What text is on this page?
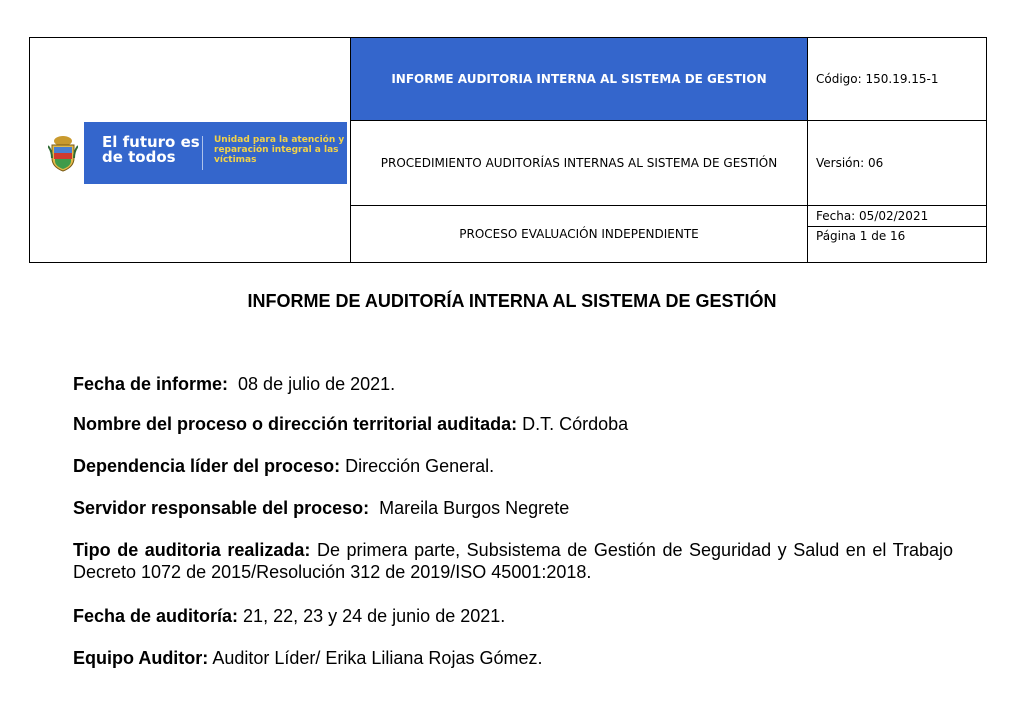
El futuro es de todos
Unidad para la atención y reparación integral a las víctimas
INFORME AUDITORIA INTERNA AL SISTEMA DE GESTION	Código: 150.19.15-1
PROCEDIMIENTO AUDITORÍAS INTERNAS AL SISTEMA DE GESTIÓN	Versión: 06
PROCESO EVALUACIÓN INDEPENDIENTE
Fecha: 05/02/2021
Página 1 de 16
INFORME DE AUDITORÍA INTERNA AL SISTEMA DE GESTIÓN
Fecha de informe:  08 de julio de 2021.
Nombre del proceso o dirección territorial auditada: D.T. Córdoba
Dependencia líder del proceso: Dirección General.
Servidor responsable del proceso:  Mareila Burgos Negrete
Tipo de auditoria realizada: De primera parte, Subsistema de Gestión de Seguridad y Salud en el Trabajo Decreto 1072 de 2015/Resolución 312 de 2019/ISO 45001:2018.
Fecha de auditoría: 21, 22, 23 y 24 de junio de 2021.
Equipo Auditor: Auditor Líder/ Erika Liliana Rojas Gómez.
